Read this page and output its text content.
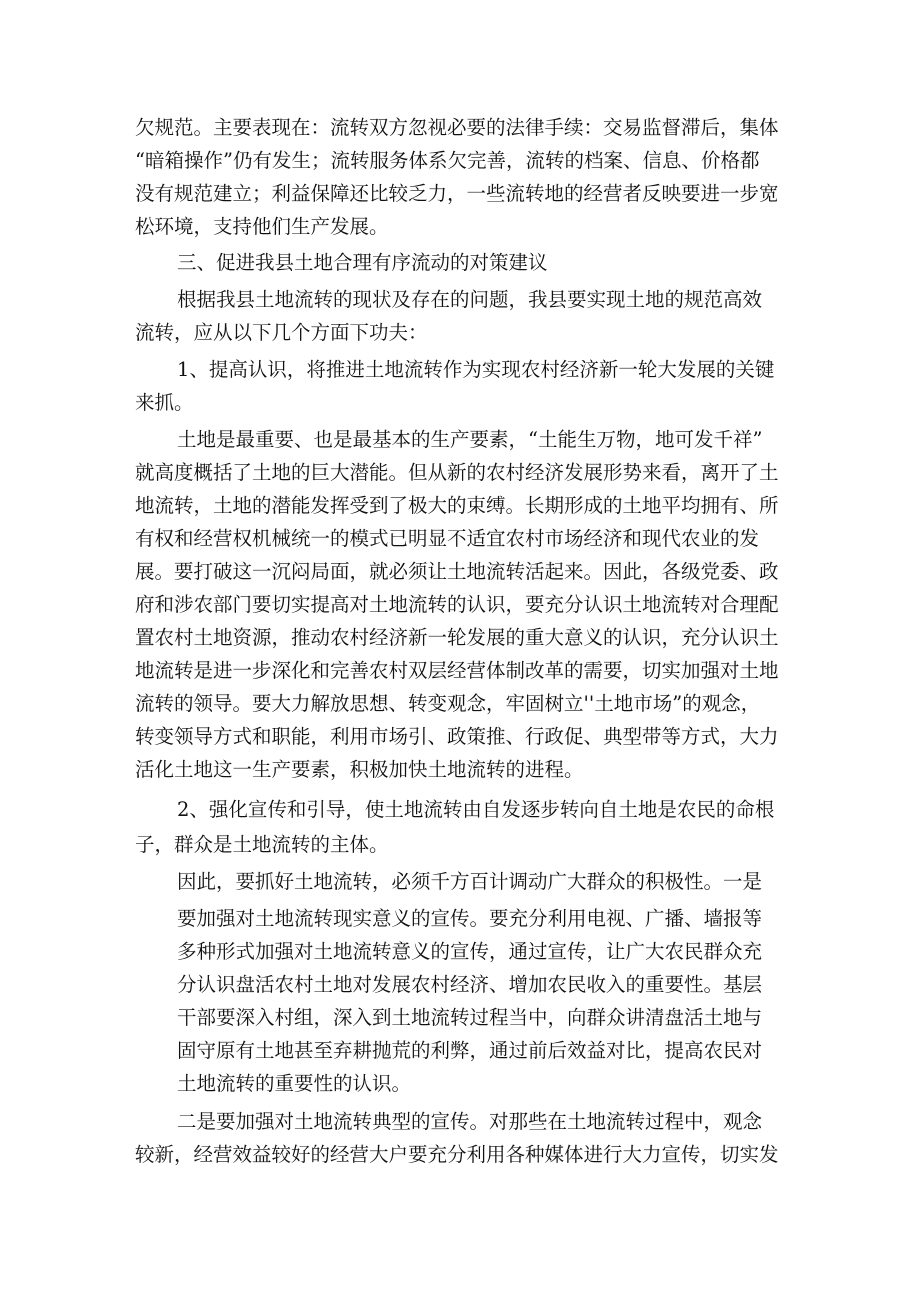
欠规范。主要表现在：流转双方忽视必要的法律手续：交易监督滞后，集体

“暗箱操作”仍有发生；流转服务体系欠完善，流转的档案、信息、价格都

没有规范建立；利益保障还比较乏力，一些流转地的经营者反映要进一步宽

松环境，支持他们生产发展。

三、促进我县土地合理有序流动的对策建议

根据我县土地流转的现状及存在的问题，我县要实现土地的规范高效

流转，应从以下几个方面下功夫：

1、提高认识，将推进土地流转作为实现农村经济新一轮大发展的关键

来抓。

土地是最重要、也是最基本的生产要素，“土能生万物，地可发千祥”

就高度概括了土地的巨大潜能。但从新的农村经济发展形势来看，离开了土

地流转，土地的潜能发挥受到了极大的束缚。长期形成的土地平均拥有、所

有权和经营权机械统一的模式已明显不适宜农村市场经济和现代农业的发

展。要打破这一沉闷局面，就必须让土地流转活起来。因此，各级党委、政

府和涉农部门要切实提高对土地流转的认识，要充分认识土地流转对合理配

置农村土地资源，推动农村经济新一轮发展的重大意义的认识，充分认识土

地流转是进一步深化和完善农村双层经营体制改革的需要，切实加强对土地

流转的领导。要大力解放思想、转变观念，牢固树立''土地市场”的观念，

转变领导方式和职能，利用市场引、政策推、行政促、典型带等方式，大力

活化土地这一生产要素，积极加快土地流转的进程。

2、强化宣传和引导，使土地流转由自发逐步转向自土地是农民的命根

子，群众是土地流转的主体。

因此，要抓好土地流转，必须千方百计调动广大群众的积极性。一是

要加强对土地流转现实意义的宣传。要充分利用电视、广播、墙报等

多种形式加强对土地流转意义的宣传，通过宣传，让广大农民群众充

分认识盘活农村土地对发展农村经济、增加农民收入的重要性。基层

干部要深入村组，深入到土地流转过程当中，向群众讲清盘活土地与

固守原有土地甚至弃耕抛荒的利弊，通过前后效益对比，提高农民对

土地流转的重要性的认识。

二是要加强对土地流转典型的宣传。对那些在土地流转过程中，观念

较新，经营效益较好的经营大户要充分利用各种媒体进行大力宣传，切实发
